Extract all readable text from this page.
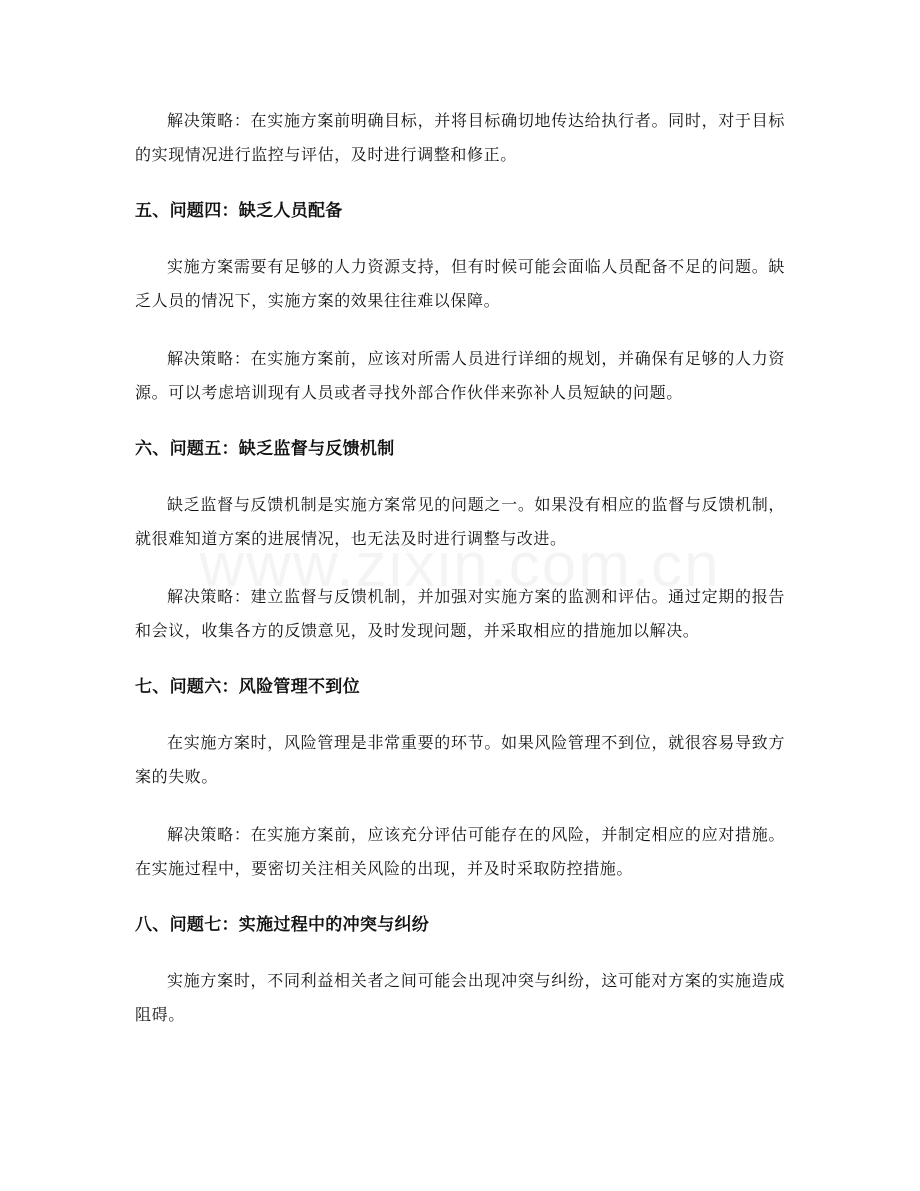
解决策略：在实施方案前明确目标，并将目标确切地传达给执行者。同时，对于目标的实现情况进行监控与评估，及时进行调整和修正。

五、问题四：缺乏人员配备

实施方案需要有足够的人力资源支持，但有时候可能会面临人员配备不足的问题。缺乏人员的情况下，实施方案的效果往往难以保障。

解决策略：在实施方案前，应该对所需人员进行详细的规划，并确保有足够的人力资源。可以考虑培训现有人员或者寻找外部合作伙伴来弥补人员短缺的问题。

六、问题五：缺乏监督与反馈机制

缺乏监督与反馈机制是实施方案常见的问题之一。如果没有相应的监督与反馈机制，就很难知道方案的进展情况，也无法及时进行调整与改进。

解决策略：建立监督与反馈机制，并加强对实施方案的监测和评估。通过定期的报告和会议，收集各方的反馈意见，及时发现问题，并采取相应的措施加以解决。

七、问题六：风险管理不到位

在实施方案时，风险管理是非常重要的环节。如果风险管理不到位，就很容易导致方案的失败。

解决策略：在实施方案前，应该充分评估可能存在的风险，并制定相应的应对措施。在实施过程中，要密切关注相关风险的出现，并及时采取防控措施。

八、问题七：实施过程中的冲突与纠纷

实施方案时，不同利益相关者之间可能会出现冲突与纠纷，这可能对方案的实施造成阻碍。
